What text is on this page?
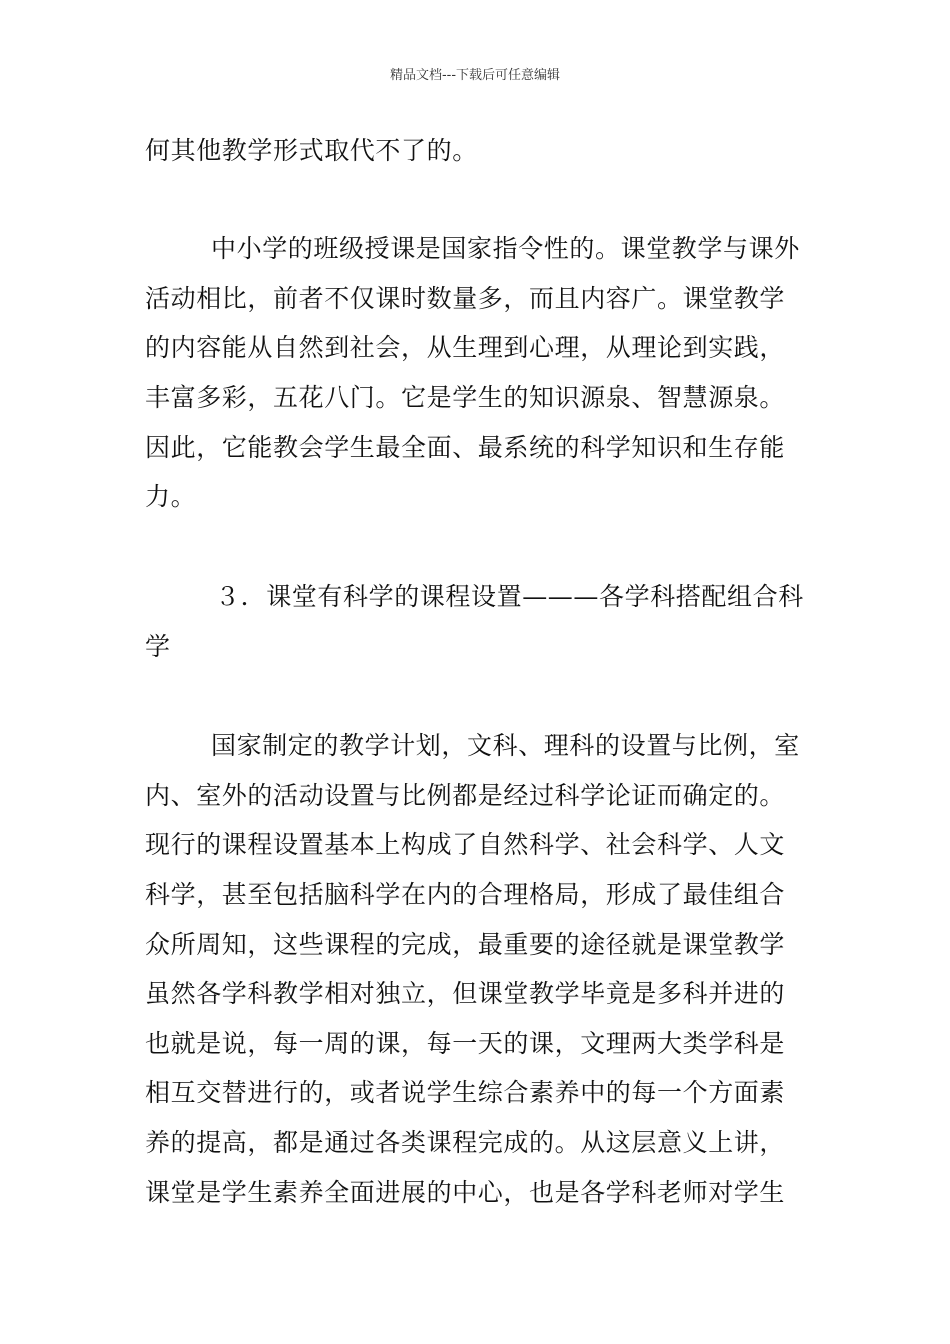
精品文档---下载后可任意编辑
何其他教学形式取代不了的。
中小学的班级授课是国家指令性的。课堂教学与课外
活动相比，前者不仅课时数量多，而且内容广。课堂教学
的内容能从自然到社会，从生理到心理，从理论到实践，
丰富多彩，五花八门。它是学生的知识源泉、智慧源泉。
因此，它能教会学生最全面、最系统的科学知识和生存能
力。
３．课堂有科学的课程设置———各学科搭配组合科
学
国家制定的教学计划，文科、理科的设置与比例，室
内、室外的活动设置与比例都是经过科学论证而确定的。
现行的课程设置基本上构成了自然科学、社会科学、人文
科学，甚至包括脑科学在内的合理格局，形成了最佳组合
众所周知，这些课程的完成，最重要的途径就是课堂教学
虽然各学科教学相对独立，但课堂教学毕竟是多科并进的
也就是说，每一周的课，每一天的课，文理两大类学科是
相互交替进行的，或者说学生综合素养中的每一个方面素
养的提高，都是通过各类课程完成的。从这层意义上讲，
课堂是学生素养全面进展的中心，也是各学科老师对学生
